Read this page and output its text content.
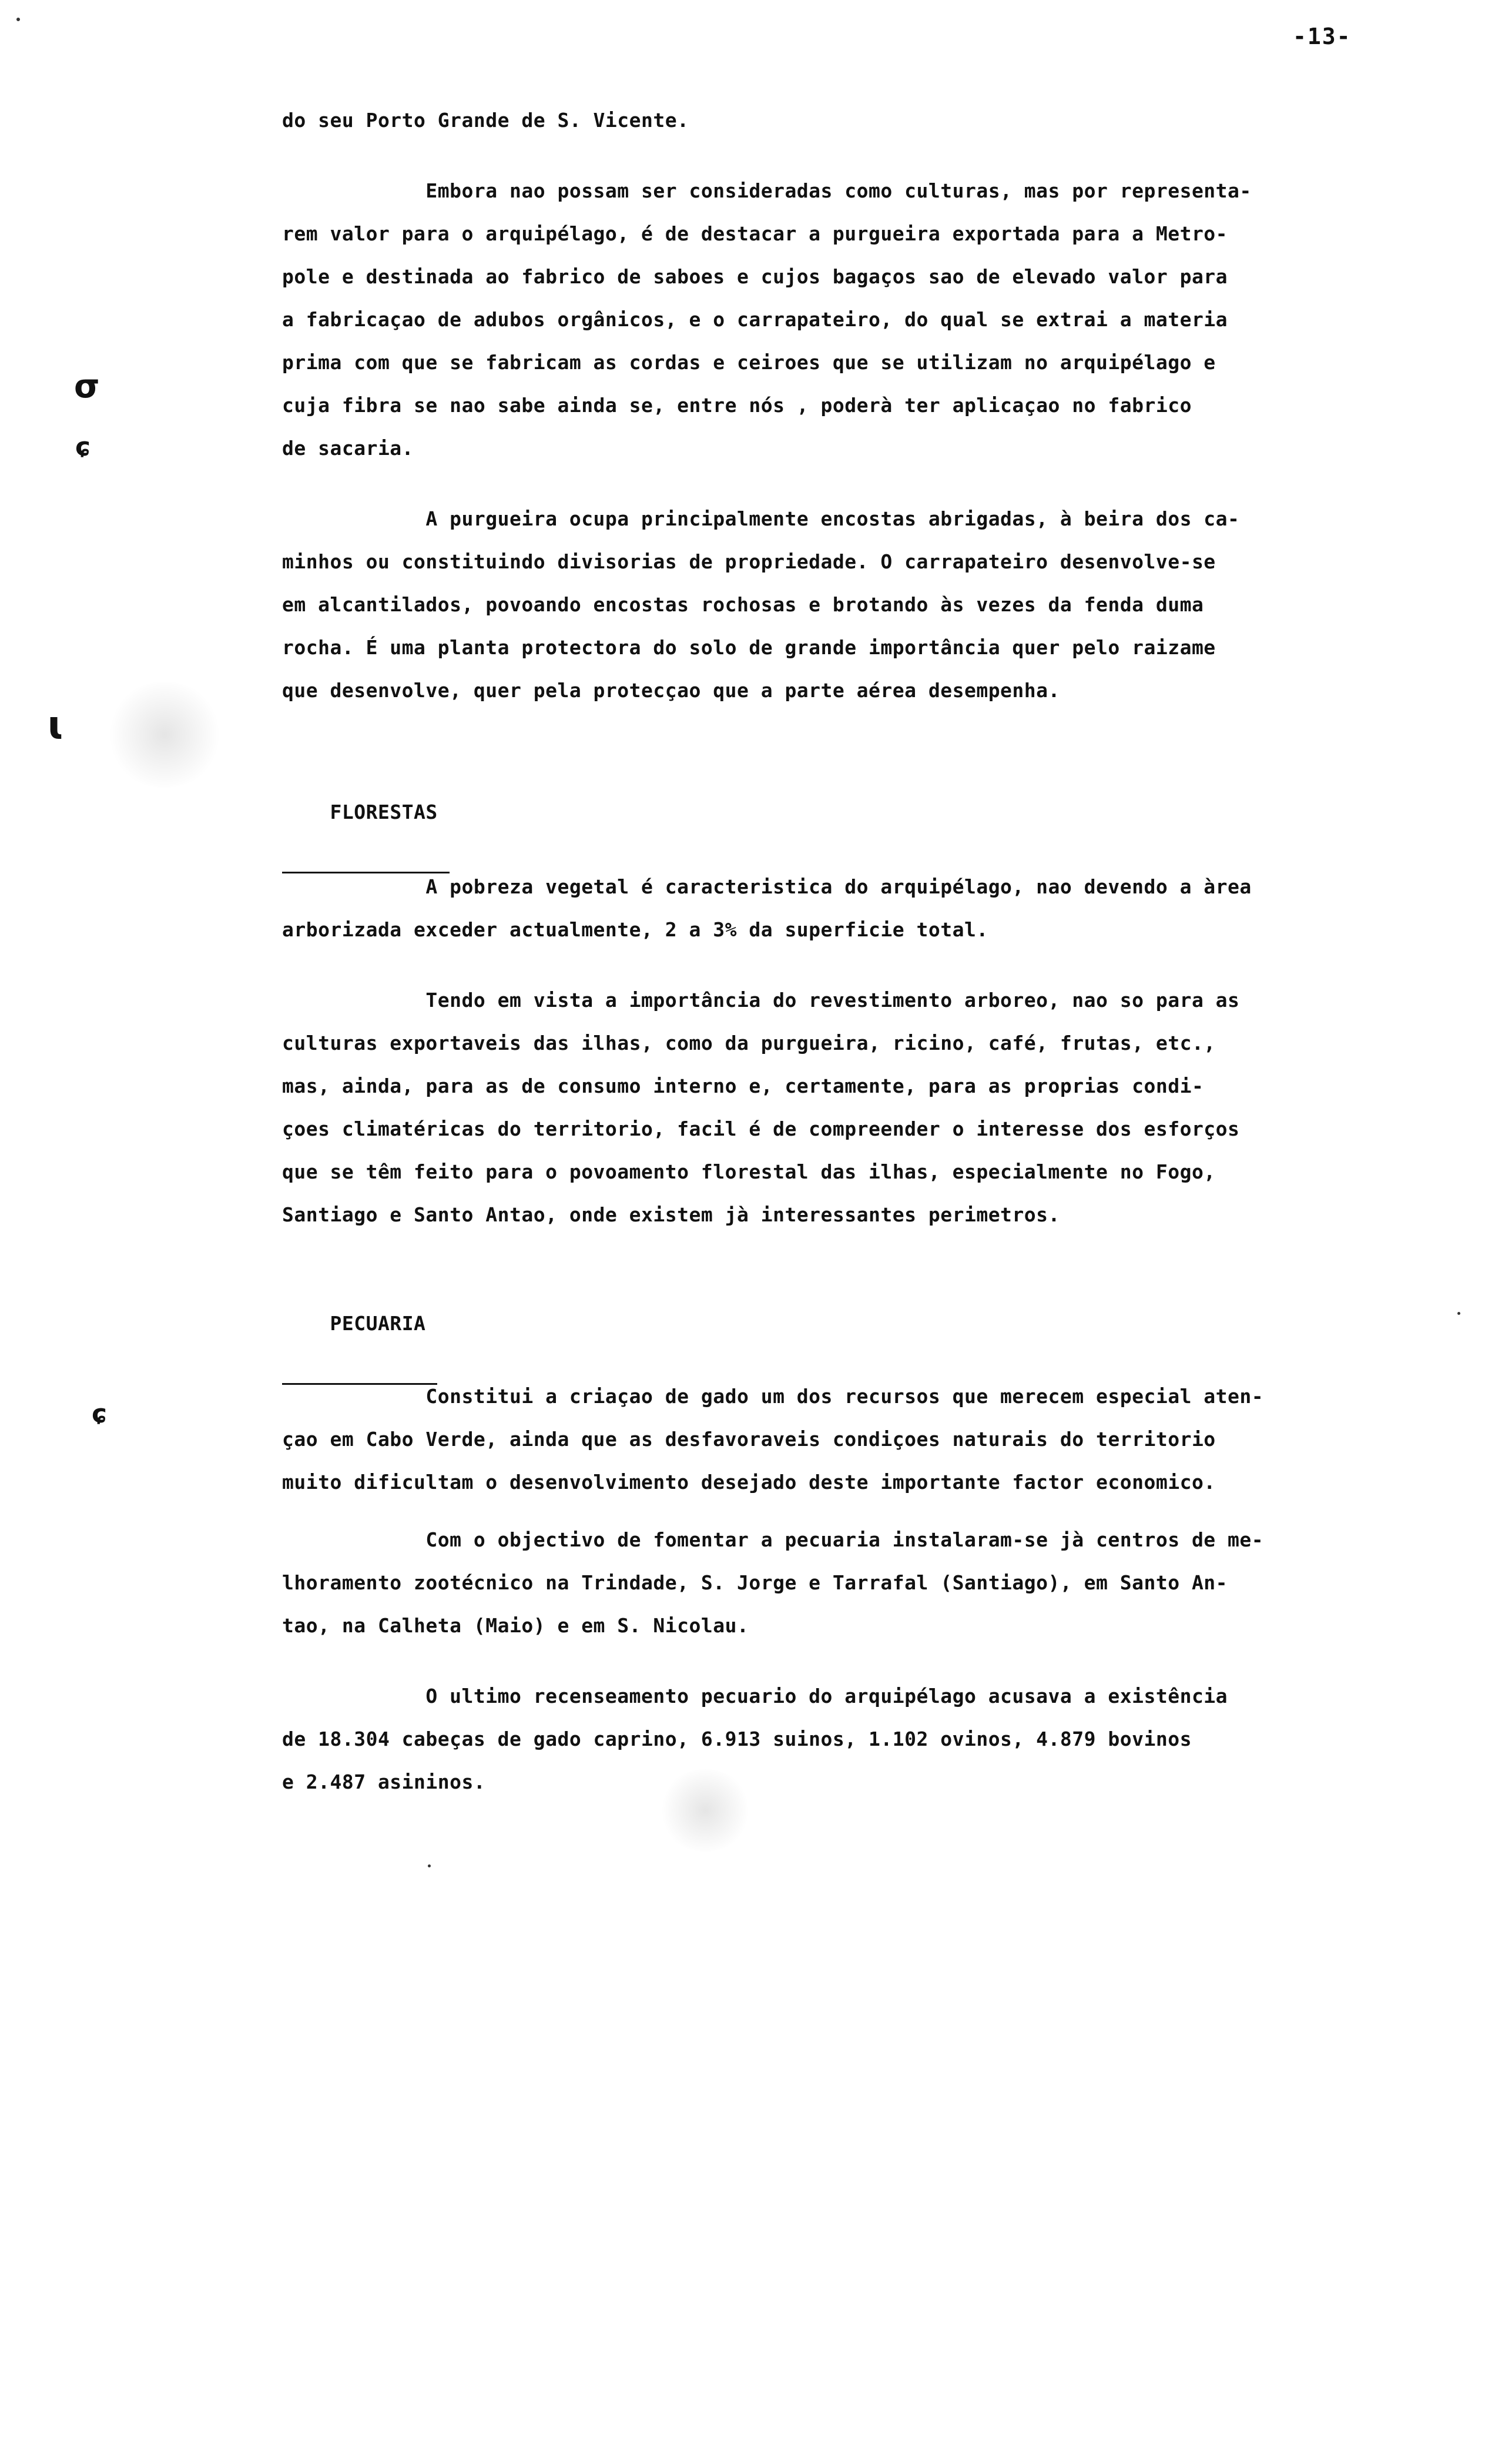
-13-
do seu Porto Grande de S. Vicente.
Embora nao possam ser consideradas como culturas, mas por representa-
rem valor para o arquipélago, é de destacar a purgueira exportada para a Metro-
pole e destinada ao fabrico de saboes e cujos bagaços sao de elevado valor para
a fabricaçao de adubos orgânicos, e o carrapateiro, do qual se extrai a materia
prima com que se fabricam as cordas e ceiroes que se utilizam no arquipélago e
cuja fibra se nao sabe ainda se, entre nós , poderà ter aplicaçao no fabrico
de sacaria.
A purgueira ocupa principalmente encostas abrigadas, à beira dos ca-
minhos ou constituindo divisorias de propriedade. O carrapateiro desenvolve-se
em alcantilados, povoando encostas rochosas e brotando às vezes da fenda duma
rocha. É uma planta protectora do solo de grande importância quer pelo raizame
que desenvolve, quer pela protecçao que a parte aérea desempenha.

FLORESTAS

A pobreza vegetal é caracteristica do arquipélago, nao devendo a àrea
arborizada exceder actualmente, 2 a 3% da superficie total.
Tendo em vista a importância do revestimento arboreo, nao so para as
culturas exportaveis das ilhas, como da purgueira, ricino, café, frutas, etc.,
mas, ainda, para as de consumo interno e, certamente, para as proprias condi-
çoes climatéricas do territorio, facil é de compreender o interesse dos esforços
que se têm feito para o povoamento florestal das ilhas, especialmente no Fogo,
Santiago e Santo Antao, onde existem jà interessantes perimetros.

PECUARIA

Constitui a criaçao de gado um dos recursos que merecem especial aten-
çao em Cabo Verde, ainda que as desfavoraveis condiçoes naturais do territorio
muito dificultam o desenvolvimento desejado deste importante factor economico.
Com o objectivo de fomentar a pecuaria instalaram-se jà centros de me-
lhoramento zootécnico na Trindade, S. Jorge e Tarrafal (Santiago), em Santo An-
tao, na Calheta (Maio) e em S. Nicolau.
O ultimo recenseamento pecuario do arquipélago acusava a existência
de 18.304 cabeças de gado caprino, 6.913 suinos, 1.102 ovinos, 4.879 bovinos
e 2.487 asininos.
σ
ɕ
ɩ
ɕ
